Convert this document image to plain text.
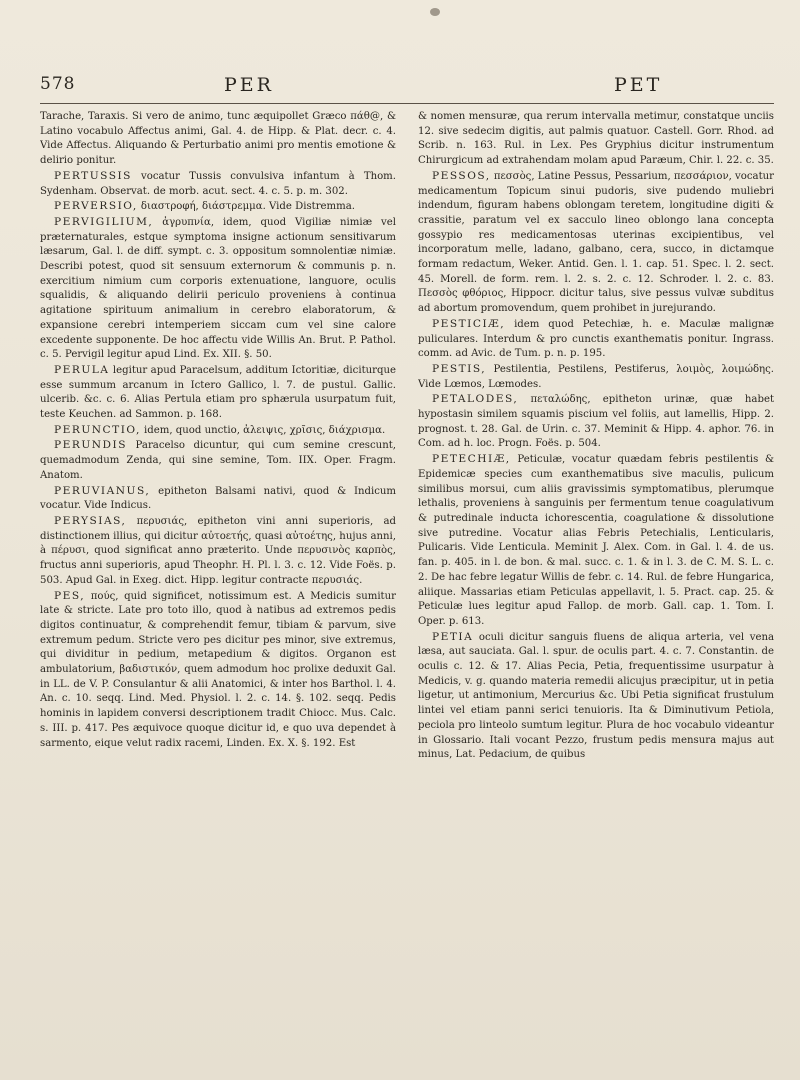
578	PER	PET

Tarache, Taraxis. Si vero de animo, tunc æquipollet Græco πάθ@, & Latino vocabulo Affectus animi, Gal. 4. de Hipp. & Plat. decr. c. 4. Vide Affectus. Aliquando & Perturbatio animi pro mentis emotione & delirio ponitur.

PERTUSSIS vocatur Tussis convulsiva infantum à Thom. Sydenham. Observat. de morb. acut. sect. 4. c. 5. p. m. 302.

PERVERSIO, διαστροφή, διάστρεμμα. Vide Distremma.

PERVIGILIUM, ἀγρυπνία, idem, quod Vigiliæ nimiæ vel præternaturales, estque symptoma insigne actionum sensitivarum læsarum, Gal. l. de diff. sympt. c. 3. oppositum somnolentiæ nimiæ. Describi potest, quod sit sensuum externorum & communis p. n. exercitium nimium cum corporis extenuatione, languore, oculis squalidis, & aliquando delirii periculo proveniens à continua agitatione spirituum animalium in cerebro elaboratorum, & expansione cerebri intemperiem siccam cum vel sine calore excedente supponente. De hoc affectu vide Willis An. Brut. P. Pathol. c. 5. Pervigil legitur apud Lind. Ex. XII. §. 50.

PERULA legitur apud Paracelsum, additum Ictoritiæ, diciturque esse summum arcanum in Ictero Gallico, l. 7. de pustul. Gallic. ulcerib. &c. c. 6. Alias Pertula etiam pro sphærula usurpatum fuit, teste Keuchen. ad Sammon. p. 168.

PERUNCTIO, idem, quod unctio, ἀλειψις, χρῖσις, διάχρισμα.

PERUNDIS Paracelso dicuntur, qui cum semine crescunt, quemadmodum Zenda, qui sine semine, Tom. IIX. Oper. Fragm. Anatom.

PERUVIANUS, epitheton Balsami nativi, quod & Indicum vocatur. Vide Indicus.

PERYSIAS, περυσιάς, epitheton vini anni superioris, ad distinctionem illius, qui dicitur αὐτοετής, quasi αὐτοέτης, hujus anni, à πέρυσι, quod significat anno præterito. Unde περυσινὸς καρπὸς, fructus anni superioris, apud Theophr. H. Pl. l. 3. c. 12. Vide Foës. p. 503. Apud Gal. in Exeg. dict. Hipp. legitur contracte περυσιάς.

PES, πούς, quid significet, notissimum est. A Medicis sumitur late & stricte. Late pro toto illo, quod à natibus ad extremos pedis digitos continuatur, & comprehendit femur, tibiam & parvum, sive extremum pedum. Stricte vero pes dicitur pes minor, sive extremus, qui dividitur in pedium, metapedium & digitos. Organon est ambulatorium, βαδιστικόν, quem admodum hoc prolixe deduxit Gal. in LL. de V. P. Consulantur & alii Anatomici, & inter hos Barthol. l. 4. An. c. 10. seqq. Lind. Med. Physiol. l. 2. c. 14. §. 102. seqq. Pedis hominis in lapidem conversi descriptionem tradit Chiocc. Mus. Calc. s. III. p. 417. Pes æquivoce quoque dicitur id, e quo uva dependet à sarmento, eique velut radix racemi, Linden. Ex. X. §. 192. Est

& nomen mensuræ, qua rerum intervalla metimur, constatque unciis 12. sive sedecim digitis, aut palmis quatuor. Castell. Gorr. Rhod. ad Scrib. n. 163. Rul. in Lex. Pes Gryphius dicitur instrumentum Chirurgicum ad extrahendam molam apud Paræum, Chir. l. 22. c. 35.

PESSOS, πεσσὸς, Latine Pessus, Pessarium, πεσσάριον, vocatur medicamentum Topicum sinui pudoris, sive pudendo muliebri indendum, figuram habens oblongam teretem, longitudine digiti & crassitie, paratum vel ex sacculo lineo oblongo lana concepta gossypio res medicamentosas uterinas excipientibus, vel incorporatum melle, ladano, galbano, cera, succo, in dictamque formam redactum, Weker. Antid. Gen. l. 1. cap. 51. Spec. l. 2. sect. 45. Morell. de form. rem. l. 2. s. 2. c. 12. Schroder. l. 2. c. 83. Πεσσὸς φθόριος, Hippocr. dicitur talus, sive pessus vulvæ subditus ad abortum promovendum, quem prohibet in jurejurando.

PESTICIÆ, idem quod Petechiæ, h. e. Maculæ malignæ puliculares. Interdum & pro cunctis exanthematis ponitur. Ingrass. comm. ad Avic. de Tum. p. n. p. 195.

PESTIS, Pestilentia, Pestilens, Pestiferus, λοιμὸς, λοιμώδης. Vide Lœmos, Lœmodes.

PETALODES, πεταλώδης, epitheton urinæ, quæ habet hypostasin similem squamis piscium vel foliis, aut lamellis, Hipp. 2. prognost. t. 28. Gal. de Urin. c. 37. Meminit & Hipp. 4. aphor. 76. in Com. ad h. loc. Progn. Foës. p. 504.

PETECHIÆ, Peticulæ, vocatur quædam febris pestilentis & Epidemicæ species cum exanthematibus sive maculis, pulicum similibus morsui, cum aliis gravissimis symptomatibus, plerumque lethalis, proveniens à sanguinis per fermentum tenue coagulativum & putredinale inducta ichorescentia, coagulatione & dissolutione sive putredine. Vocatur alias Febris Petechialis, Lenticularis, Pulicaris. Vide Lenticula. Meminit J. Alex. Com. in Gal. l. 4. de us. fan. p. 405. in l. de bon. & mal. succ. c. 1. & in l. 3. de C. M. S. L. c. 2. De hac febre legatur Willis de febr. c. 14. Rul. de febre Hungarica, aliique. Massarias etiam Peticulas appellavit, l. 5. Pract. cap. 25. & Peticulæ lues legitur apud Fallop. de morb. Gall. cap. 1. Tom. I. Oper. p. 613.

PETIA oculi dicitur sanguis fluens de aliqua arteria, vel vena læsa, aut sauciata. Gal. l. spur. de oculis part. 4. c. 7. Constantin. de oculis c. 12. & 17. Alias Pecia, Petia, frequentissime usurpatur à Medicis, v. g. quando materia remedii alicujus præcipitur, ut in petia ligetur, ut antimonium, Mercurius &c. Ubi Petia significat frustulum lintei vel etiam panni serici tenuioris. Ita & Diminutivum Petiola, peciola pro linteolo sumtum legitur. Plura de hoc vocabulo videantur in Glossario. Itali vocant Pezzo, frustum pedis mensura majus aut minus, Lat. Pedacium, de quibus
